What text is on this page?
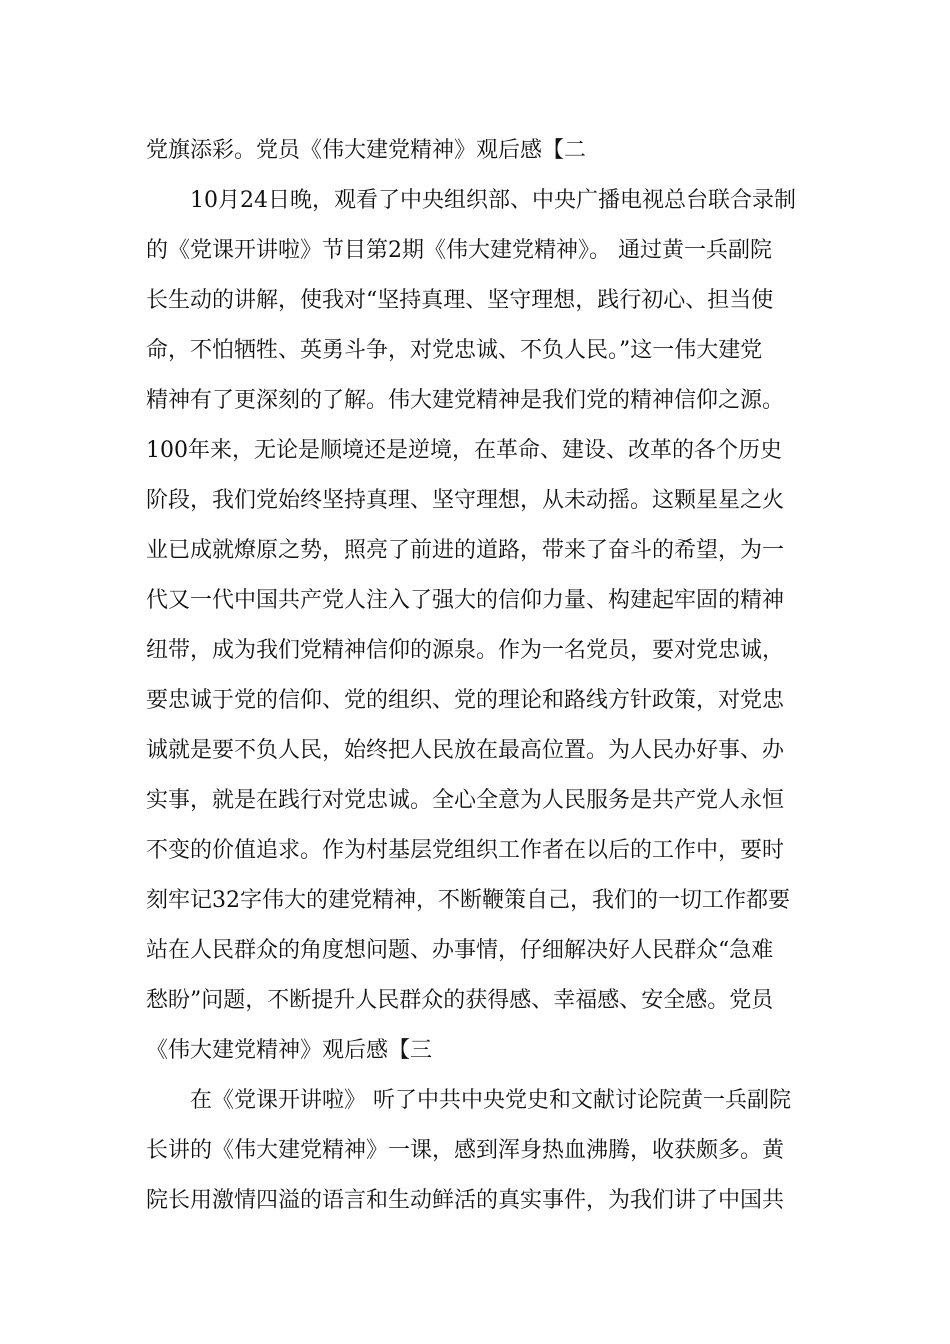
党旗添彩。党员《伟大建党精神》观后感【二
10月24日晚，观看了中央组织部、中央广播电视总台联合录制
的《党课开讲啦》节目第2期《伟大建党精神》。 通过黄一兵副院
长生动的讲解，使我对“坚持真理、坚守理想，践行初心、担当使
命，不怕牺牲、英勇斗争，对党忠诚、不负人民。”这一伟大建党
精神有了更深刻的了解。伟大建党精神是我们党的精神信仰之源。
100年来，无论是顺境还是逆境，在革命、建设、改革的各个历史
阶段，我们党始终坚持真理、坚守理想，从未动摇。这颗星星之火
业已成就燎原之势，照亮了前进的道路，带来了奋斗的希望，为一
代又一代中国共产党人注入了强大的信仰力量、构建起牢固的精神
纽带，成为我们党精神信仰的源泉。作为一名党员，要对党忠诚，
要忠诚于党的信仰、党的组织、党的理论和路线方针政策，对党忠
诚就是要不负人民，始终把人民放在最高位置。为人民办好事、办
实事，就是在践行对党忠诚。全心全意为人民服务是共产党人永恒
不变的价值追求。作为村基层党组织工作者在以后的工作中，要时
刻牢记32字伟大的建党精神，不断鞭策自己，我们的一切工作都要
站在人民群众的角度想问题、办事情，仔细解决好人民群众“急难
愁盼”问题，不断提升人民群众的获得感、幸福感、安全感。党员
《伟大建党精神》观后感【三
在《党课开讲啦》 听了中共中央党史和文献讨论院黄一兵副院
长讲的《伟大建党精神》一课，感到浑身热血沸腾，收获颇多。黄
院长用激情四溢的语言和生动鲜活的真实事件，为我们讲了中国共
